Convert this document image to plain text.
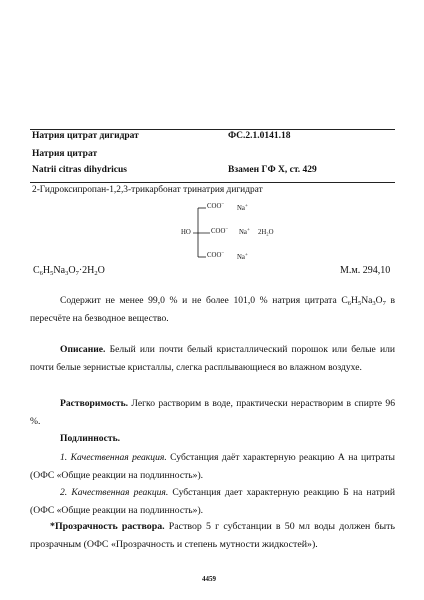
Натрия цитрат дигидрат	ФС.2.1.0141.18
Натрия цитрат
Natrii citras dihydricus	Взамен ГФ X, ст. 429
2-Гидроксипропан-1,2,3-трикарбонат тринатрия дигидрат
COO−
Na+
HO	COO− Na+ 2H₂O
COO−
Na+
$C_6H_5Na_3O_7\cdot 2H_2O$	М.м. 294,10
Содержит не менее 99,0 % и не более 101,0 % натрия цитрата $C_6H_5Na_3O_7$ в пересчёте на безводное вещество.
Описание. Белый или почти белый кристаллический порошок или белые или почти белые зернистые кристаллы, слегка расплывающиеся во влажном воздухе.
Растворимость. Легко растворим в воде, практически нерастворим в спирте 96 %.
Подлинность.
1. Качественная реакция. Субстанция даёт характерную реакцию А на цитраты (ОФС «Общие реакции на подлинность»).
2. Качественная реакция. Субстанция дает характерную реакцию Б на натрий (ОФС «Общие реакции на подлинность»).
*Прозрачность раствора. Раствор 5 г субстанции в 50 мл воды должен быть прозрачным (ОФС «Прозрачность и степень мутности жидкостей»).
4459
